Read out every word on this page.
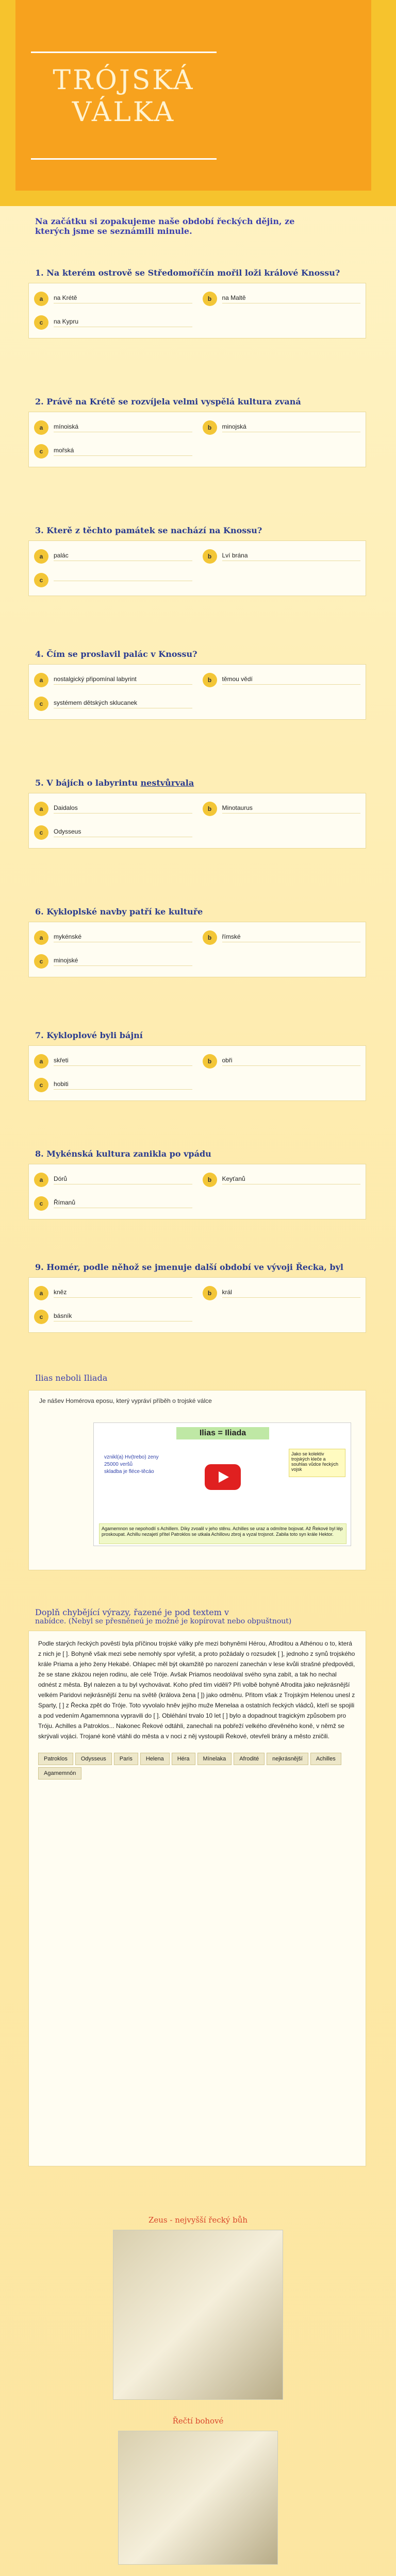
TRÓJSKÁ
VÁLKA
Na začátku si zopakujeme naše období řeckých dějin, ze
kterých jsme se seznámili minule.
1. Na kterém ostrově se Středomoříčín mořil loži králové Knossu?
a	na Krétě	b	na Maltě
c	na Kypru
2. Právě na Krétě se rozvíjela velmi vyspělá kultura zvaná
a	mínoiská	b	minojská
c	mořská
3. Kterě z těchto památek se nachází na Knossu?
a	palác	b	Lví brána
c
4. Čím se proslavil palác v Knossu?
a	nostalgický připomínal labyrint	b	těmou vědí
c	systémem dětských sklucanek
5. V bájích o labyrintu nestvůrvala
a	Daidalos	b	Minotaurus
c	Odysseus
6. Kykloplské navby patří ke kultuře
a	mykénské	b	římské
c	minojské
7. Kykloplové byli bájní
a	skřeti	b	obři
c	hobiti
8. Mykénská kultura zanikla po vpádu
a	Dórů	b	Keyťanů
c	Římanů
9. Homér, podle něhož se jmenuje další období ve vývoji Řecka, byl
a	kněz	b	král
c	básník
Ilias neboli Iliada
Je nášev Homérova eposu, který vypráví příběh o trojské válce
Ilias = Iliada
vznikl(a) Hv(trebo) zeny
25000 veršů
skladba je fléce-těcáo
Jako se kolektiv trojských kleče a souhlas vůdce řeckých vojsk
Agamemnon se nepohodlí s Achillem. Díky zvoalil v jeho stěnu. Achilles se uraz a odmítne bojovat. Až Řekové byl lép proskoupat. Achillu nezajetí přítel Patroklos se utkala Achillovu zbroj a vyzal trojsnot. Zabila toto syn krále Hektor.
Doplň chybějící výrazy, řazené je pod textem v
nabídce. (Nebyl se přesněneú je možné je kopírovat nebo obpuštnout)
Podle starých řeckých pověstí byla příčinou trojské války pře mezi bohyněmi Hérou, Afroditou a Athénou o to, která z nich je [ ]. Bohyně však mezi sebe nemohly spor vyřešit, a proto požádaly o rozsudek [ ], jednoho z synů trojského krále Priama a jeho ženy Hekabé. Ohlapec měl být okamžitě po narození zanechán v lese kvůli strašné předpovědi, že se stane zkázou nejen rodinu, ale celé Tróje. Avšak Priamos neodolával svého syna zabít, a tak ho nechal odnést z města. Byl nalezen a tu byl vychovávat. Koho před tím viděli? Při volbě bohyně Afrodita jako nejkrásnější velkém Paridovi nejkrásnější ženu na světě (králova žena [ ]) jako odměnu. Přitom však z Trojským Helenou unesl z Sparty, [ ] z Řecka zpět do Tróje. Toto vyvolalo hněv jejího muže Menelaa a ostatních řeckých vládců, kteří se spojili a pod vedením Agamemnona vypravili do [ ]. Obléhání trvalo 10 let [ ] bylo a dopadnout tragickým způsobem pro Tróju. Achilles a Patroklos... Nakonec Řekové odtáhli, zanechali na pobřeží velkého dřevěného koně, v němž se skrývali vojáci. Trojané koně vtáhli do města a v noci z něj vystoupili Řekové, otevřeli brány a město zničili.
Patroklos	Odysseus	Paris	Helena	Héra	Mínelaka	Afrodité	nejkrásnější	Achilles
Agamemnón
Zeus - nejvyšší řecký bůh
Řečtí bohové
